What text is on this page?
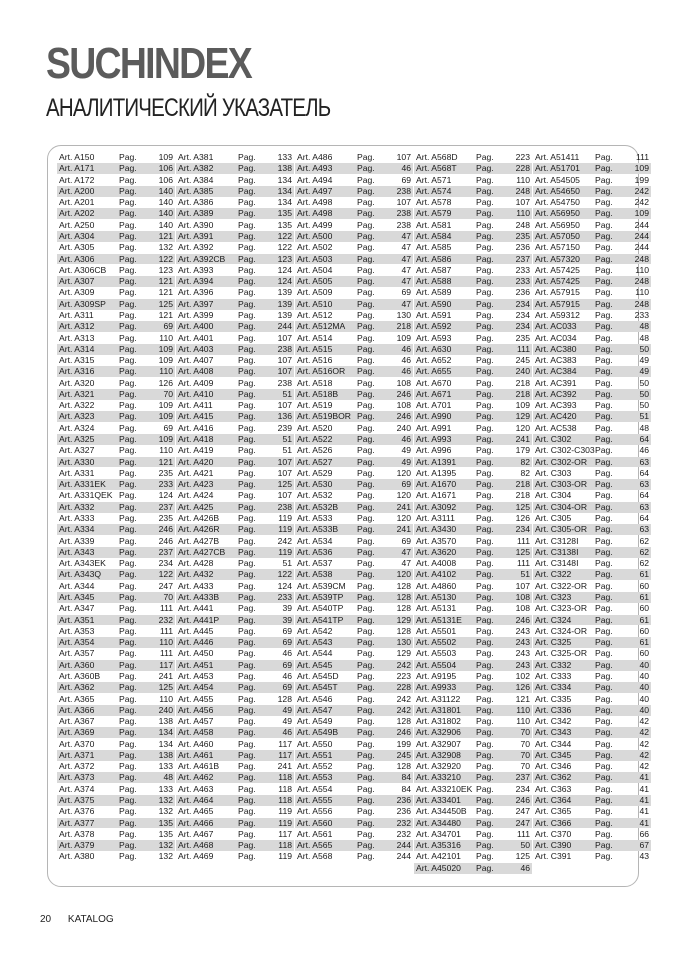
SUCHINDEX
АНАЛИТИЧЕСКИЙ УКАЗАТЕЛЬ
Art. A150	Pag.	109
Art. A171	Pag.	106
Art. A172	Pag.	106
Art. A200	Pag.	140
Art. A201	Pag.	140
Art. A202	Pag.	140
Art. A250	Pag.	140
Art. A304	Pag.	121
Art. A305	Pag.	132
Art. A306	Pag.	122
Art. A306CB	Pag.	123
Art. A307	Pag.	121
Art. A309	Pag.	121
Art. A309SP	Pag.	125
Art. A311	Pag.	121
Art. A312	Pag.	69
Art. A313	Pag.	110
Art. A314	Pag.	109
Art. A315	Pag.	109
Art. A316	Pag.	110
Art. A320	Pag.	126
Art. A321	Pag.	70
Art. A322	Pag.	109
Art. A323	Pag.	109
Art. A324	Pag.	69
Art. A325	Pag.	109
Art. A327	Pag.	110
Art. A330	Pag.	121
Art. A331	Pag.	235
Art. A331EK	Pag.	233
Art. A331QEK Pag.	124
Art. A332	Pag.	237
Art. A333	Pag.	235
Art. A334	Pag.	246
Art. A339	Pag.	246
Art. A343	Pag.	237
Art. A343EK	Pag.	234
Art. A343Q	Pag.	122
Art. A344	Pag.	247
Art. A345	Pag.	70
Art. A347	Pag.	111
Art. A351	Pag.	232
Art. A353	Pag.	111
Art. A354	Pag.	110
Art. A357	Pag.	111
Art. A360	Pag.	117
Art. A360B	Pag.	241
Art. A362	Pag.	125
Art. A365	Pag.	110
Art. A366	Pag.	240
Art. A367	Pag.	138
Art. A369	Pag.	134
Art. A370	Pag.	134
Art. A371	Pag.	138
Art. A372	Pag.	133
Art. A373	Pag.	48
Art. A374	Pag.	133
Art. A375	Pag.	132
Art. A376	Pag.	132
Art. A377	Pag.	135
Art. A378	Pag.	135
Art. A379	Pag.	132
Art. A380	Pag.	132
Art. A381	Pag.	133
Art. A382	Pag.	138
Art. A384	Pag.	134
Art. A385	Pag.	134
Art. A386	Pag.	134
Art. A389	Pag.	135
Art. A390	Pag.	135
Art. A391	Pag.	122
Art. A392	Pag.	122
Art. A392CB	Pag.	123
Art. A393	Pag.	124
Art. A394	Pag.	124
Art. A396	Pag.	139
Art. A397	Pag.	139
Art. A399	Pag.	139
Art. A400	Pag.	244
Art. A401	Pag.	107
Art. A403	Pag.	238
Art. A407	Pag.	107
Art. A408	Pag.	107
Art. A409	Pag.	238
Art. A410	Pag.	51
Art. A411	Pag.	107
Art. A415	Pag.	136
Art. A416	Pag.	239
Art. A418	Pag.	51
Art. A419	Pag.	51
Art. A420	Pag.	107
Art. A421	Pag.	107
Art. A423	Pag.	125
Art. A424	Pag.	107
Art. A425	Pag.	238
Art. A426B	Pag.	119
Art. A426R	Pag.	119
Art. A427B	Pag.	242
Art. A427CB	Pag.	119
Art. A428	Pag.	51
Art. A432	Pag.	122
Art. A433	Pag.	124
Art. A433B	Pag.	233
Art. A441	Pag.	39
Art. A441P	Pag.	39
Art. A445	Pag.	69
Art. A446	Pag.	69
Art. A450	Pag.	46
Art. A451	Pag.	69
Art. A453	Pag.	46
Art. A454	Pag.	69
Art. A455	Pag.	128
Art. A456	Pag.	49
Art. A457	Pag.	49
Art. A458	Pag.	46
Art. A460	Pag.	117
Art. A461	Pag.	117
Art. A461B	Pag.	241
Art. A462	Pag.	118
Art. A463	Pag.	118
Art. A464	Pag.	118
Art. A465	Pag.	119
Art. A466	Pag.	119
Art. A467	Pag.	117
Art. A468	Pag.	118
Art. A469	Pag.	119
Art. A486	Pag.	107
Art. A493	Pag.	46
Art. A494	Pag.	69
Art. A497	Pag.	238
Art. A498	Pag.	107
Art. A498	Pag.	238
Art. A499	Pag.	238
Art. A500	Pag.	47
Art. A502	Pag.	47
Art. A503	Pag.	47
Art. A504	Pag.	47
Art. A505	Pag.	47
Art. A509	Pag.	69
Art. A510	Pag.	47
Art. A512	Pag.	130
Art. A512MA	Pag.	218
Art. A514	Pag.	109
Art. A515	Pag.	46
Art. A516	Pag.	46
Art. A516OR	Pag.	46
Art. A518	Pag.	108
Art. A518B	Pag.	246
Art. A519	Pag.	108
Art. A519BOR Pag.	246
Art. A520	Pag.	240
Art. A522	Pag.	46
Art. A526	Pag.	49
Art. A527	Pag.	49
Art. A529	Pag.	120
Art. A530	Pag.	69
Art. A532	Pag.	120
Art. A532B	Pag.	241
Art. A533	Pag.	120
Art. A533B	Pag.	241
Art. A534	Pag.	69
Art. A536	Pag.	47
Art. A537	Pag.	47
Art. A538	Pag.	120
Art. A539CM	Pag.	128
Art. A539TP	Pag.	128
Art. A540TP	Pag.	128
Art. A541TP	Pag.	129
Art. A542	Pag.	128
Art. A543	Pag.	130
Art. A544	Pag.	129
Art. A545	Pag.	242
Art. A545D	Pag.	223
Art. A545T	Pag.	228
Art. A546	Pag.	242
Art. A547	Pag.	242
Art. A549	Pag.	128
Art. A549B	Pag.	246
Art. A550	Pag.	199
Art. A551	Pag.	245
Art. A552	Pag.	128
Art. A553	Pag.	84
Art. A554	Pag.	84
Art. A555	Pag.	236
Art. A556	Pag.	236
Art. A560	Pag.	232
Art. A561	Pag.	232
Art. A565	Pag.	244
Art. A568	Pag.	244
Art. A568D	Pag.	223
Art. A568T	Pag.	228
Art. A571	Pag.	110
Art. A574	Pag.	248
Art. A578	Pag.	107
Art. A579	Pag.	110
Art. A581	Pag.	248
Art. A584	Pag.	235
Art. A585	Pag.	236
Art. A586	Pag.	237
Art. A587	Pag.	233
Art. A588	Pag.	233
Art. A589	Pag.	236
Art. A590	Pag.	234
Art. A591	Pag.	234
Art. A592	Pag.	234
Art. A593	Pag.	235
Art. A630	Pag.	111
Art. A652	Pag.	245
Art. A655	Pag.	240
Art. A670	Pag.	218
Art. A671	Pag.	218
Art. A701	Pag.	109
Art. A990	Pag.	129
Art. A991	Pag.	120
Art. A993	Pag.	241
Art. A996	Pag.	179
Art. A1391	Pag.	82
Art. A1395	Pag.	82
Art. A1670	Pag.	218
Art. A1671	Pag.	218
Art. A3092	Pag.	125
Art. A3111	Pag.	126
Art. A3430	Pag.	234
Art. A3570	Pag.	111
Art. A3620	Pag.	125
Art. A4008	Pag.	111
Art. A4102	Pag.	51
Art. A4860	Pag.	107
Art. A5130	Pag.	108
Art. A5131	Pag.	108
Art. A5131E	Pag.	246
Art. A5501	Pag.	243
Art. A5502	Pag.	243
Art. A5503	Pag.	243
Art. A5504	Pag.	243
Art. A9195	Pag.	102
Art. A9933	Pag.	126
Art. A31122	Pag.	121
Art. A31801	Pag.	110
Art. A31802	Pag.	110
Art. A32906	Pag.	70
Art. A32907	Pag.	70
Art. A32908	Pag.	70
Art. A32920	Pag.	70
Art. A33210	Pag.	237
Art. A33210EK Pag.	234
Art. A33401	Pag.	246
Art. A34450B	Pag.	247
Art. A34480	Pag.	247
Art. A34701	Pag.	111
Art. A35316	Pag.	50
Art. A42101	Pag.	125
Art. A45020	Pag.	46
Art. A51411	Pag.	111
Art. A51701	Pag.	109
Art. A54505	Pag.	199
Art. A54650	Pag.	242
Art. A54750	Pag.	242
Art. A56950	Pag.	109
Art. A56950	Pag.	244
Art. A57050	Pag.	244
Art. A57150	Pag.	244
Art. A57320	Pag.	248
Art. A57425	Pag.	110
Art. A57425	Pag.	248
Art. A57915	Pag.	110
Art. A57915	Pag.	248
Art. A59312	Pag.	233
Art. AC033	Pag.	48
Art. AC034	Pag.	48
Art. AC380	Pag.	50
Art. AC383	Pag.	49
Art. AC384	Pag.	49
Art. AC391	Pag.	50
Art. AC392	Pag.	50
Art. AC393	Pag.	50
Art. AC420	Pag.	51
Art. AC538	Pag.	48
Art. C302	Pag.	64
Art. C302-C303 Pag.	46
Art. C302-OR Pag.	63
Art. C303	Pag.	64
Art. C303-OR Pag.	63
Art. C304	Pag.	64
Art. C304-OR Pag.	63
Art. C305	Pag.	64
Art. C305-OR Pag.	63
Art. C3128I	Pag.	62
Art. C3138I	Pag.	62
Art. C3148I	Pag.	62
Art. C322	Pag.	61
Art. C322-OR Pag.	60
Art. C323	Pag.	61
Art. C323-OR Pag.	60
Art. C324	Pag.	61
Art. C324-OR Pag.	60
Art. C325	Pag.	61
Art. C325-OR Pag.	60
Art. C332	Pag.	40
Art. C333	Pag.	40
Art. C334	Pag.	40
Art. C335	Pag.	40
Art. C336	Pag.	40
Art. C342	Pag.	42
Art. C343	Pag.	42
Art. C344	Pag.	42
Art. C345	Pag.	42
Art. C346	Pag.	42
Art. C362	Pag.	41
Art. C363	Pag.	41
Art. C364	Pag.	41
Art. C365	Pag.	41
Art. C366	Pag.	41
Art. C370	Pag.	66
Art. C390	Pag.	67
Art. C391	Pag.	43
20 KATALOG
